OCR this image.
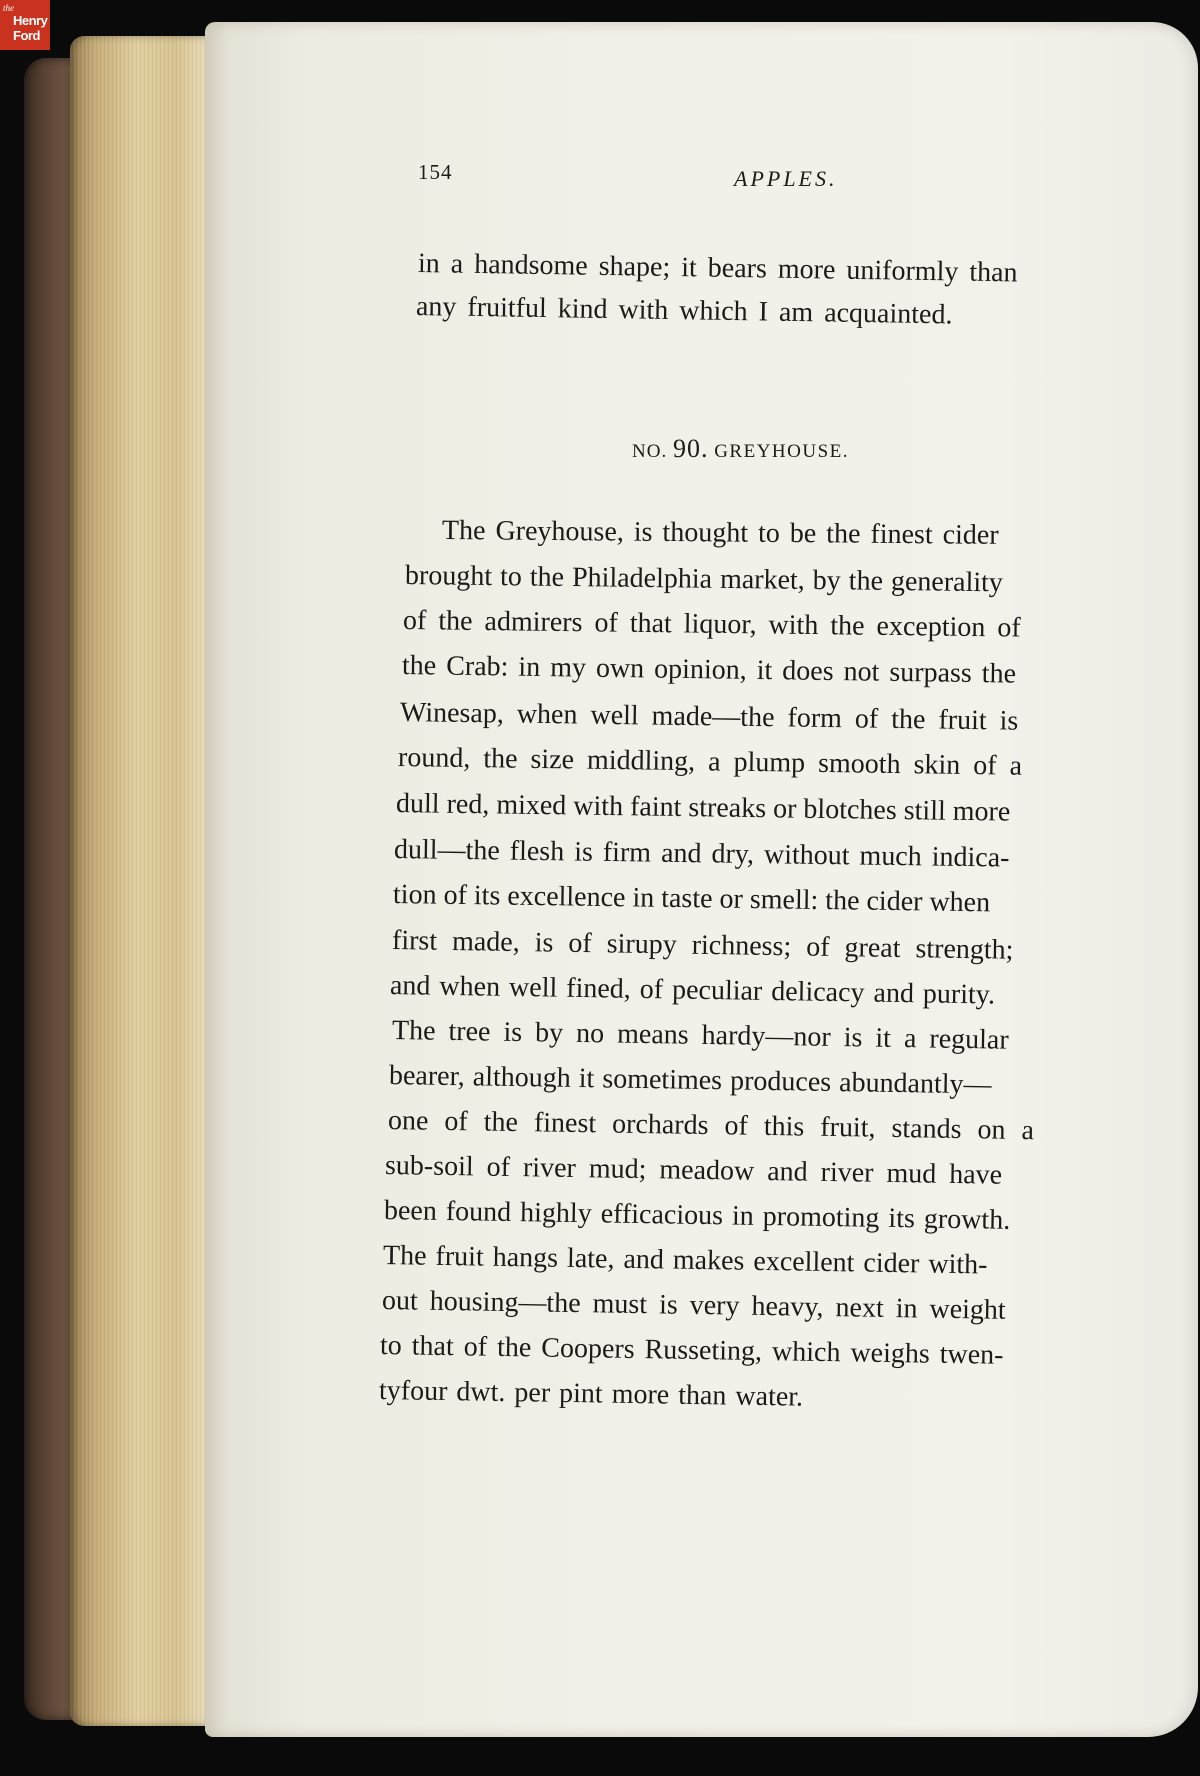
the
Henry
Ford
154	APPLES.
in a handsome shape; it bears more uniformly than
any fruitful kind with which I am acquainted.
NO. 90. GREYHOUSE.
The Greyhouse, is thought to be the finest cider
brought to the Philadelphia market, by the generality
of the admirers of that liquor, with the exception of
the Crab: in my own opinion, it does not surpass the
Winesap, when well made—the form of the fruit is
round, the size middling, a plump smooth skin of a
dull red, mixed with faint streaks or blotches still more
dull—the flesh is firm and dry, without much indica-
tion of its excellence in taste or smell: the cider when
first made, is of sirupy richness; of great strength;
and when well fined, of peculiar delicacy and purity.
The tree is by no means hardy—nor is it a regular
bearer, although it sometimes produces abundantly—
one of the finest orchards of this fruit, stands on a
sub-soil of river mud; meadow and river mud have
been found highly efficacious in promoting its growth.
The fruit hangs late, and makes excellent cider with-
out housing—the must is very heavy, next in weight
to that of the Coopers Russeting, which weighs twen-
tyfour dwt. per pint more than water.
